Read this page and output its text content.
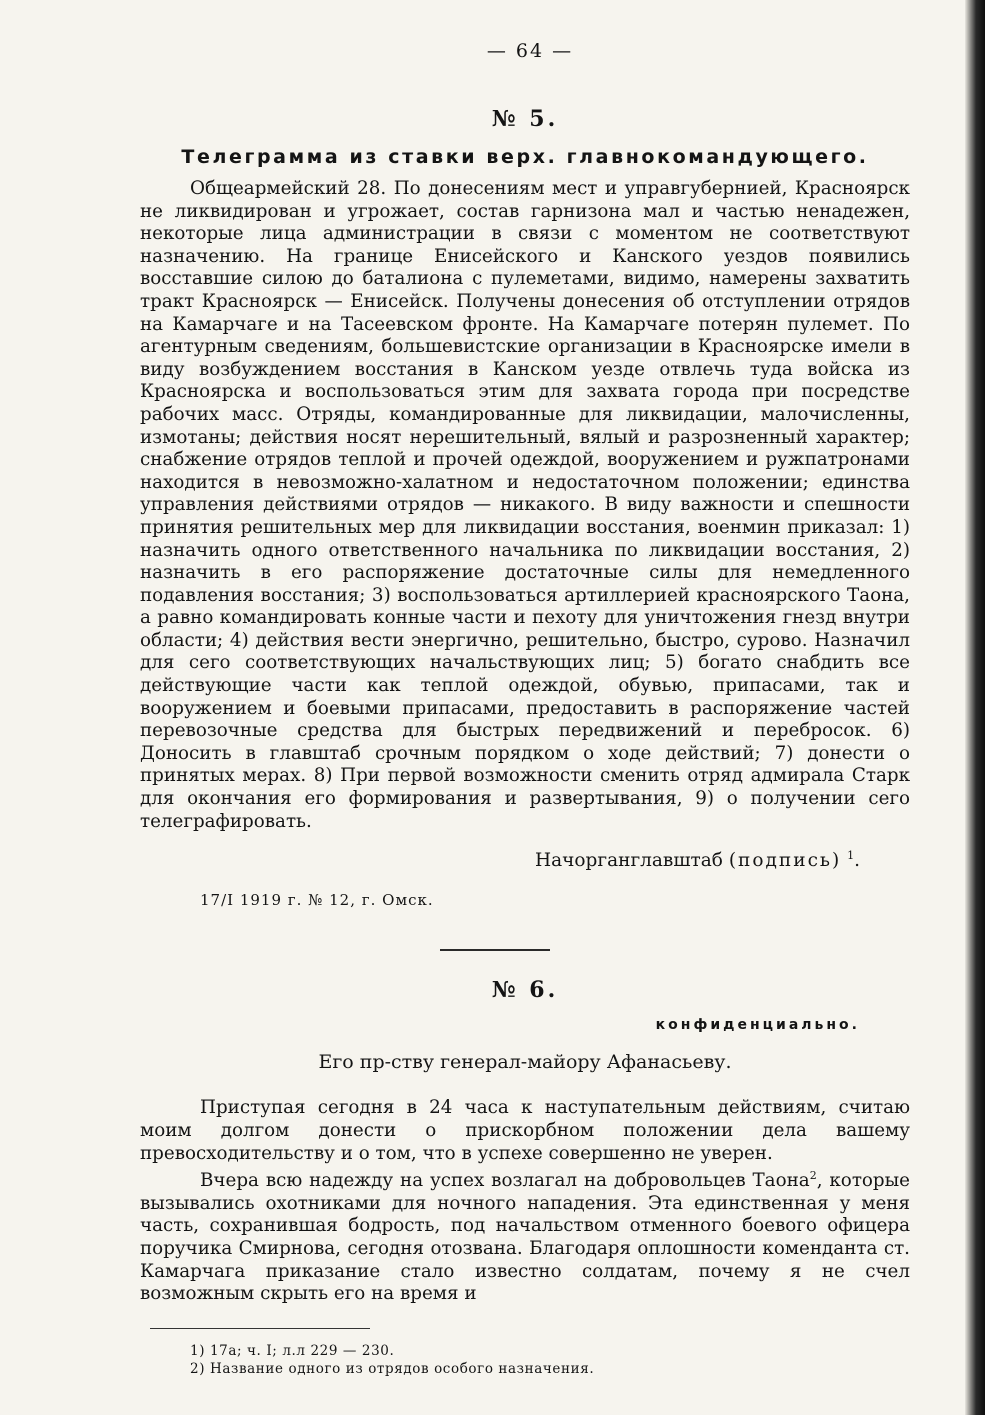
— 64 —
№ 5.
Телеграмма из ставки верх. главнокомандующего.

Общеармейский 28. По донесениям мест и управгубернией, Красноярск не ликвидирован и угрожает, состав гарнизона мал и частью ненадежен, некоторые лица администрации в связи с моментом не соответствуют назначению. На границе Енисейского и Канского уездов появились восставшие силою до баталиона с пулеметами, видимо, намерены захватить тракт Красноярск — Енисейск. Получены донесения об отступлении отрядов на Камарчаге и на Тасеевском фронте. На Камарчаге потерян пулемет. По агентурным сведениям, большевистские организации в Красноярске имели в виду возбуждением восстания в Канском уезде отвлечь туда войска из Красноярска и воспользоваться этим для захвата города при посредстве рабочих масс. Отряды, командированные для ликвидации, малочисленны, измотаны; действия носят нерешительный, вялый и разрозненный характер; снабжение отрядов теплой и прочей одеждой, вооружением и ружпатронами находится в невозможно-халатном и недостаточном положении; единства управления действиями отрядов — никакого. В виду важности и спешности принятия решительных мер для ликвидации восстания, военмин приказал: 1) назначить одного ответственного начальника по ликвидации восстания, 2) назначить в его распоряжение достаточные силы для немедленного подавления восстания; 3) воспользоваться артиллерией красноярского Таона, а равно командировать конные части и пехоту для уничтожения гнезд внутри области; 4) действия вести энергично, решительно, быстро, сурово. Назначил для сего соответствующих начальствующих лиц; 5) богато снабдить все действующие части как теплой одеждой, обувью, припасами, так и вооружением и боевыми припасами, предоставить в распоряжение частей перевозочные средства для быстрых передвижений и перебросок. 6) Доносить в главштаб срочным порядком о ходе действий; 7) донести о принятых мерах. 8) При первой возможности сменить отряд адмирала Старк для окончания его формирования и развертывания, 9) о получении сего телеграфировать.

Начорганглавштаб (подпись) $^1$.
17/I 1919 г. № 12, г. Омск.
№ 6.
конфиденциально.
Его пр-ству генерал-майору Афанасьеву.

Приступая сегодня в 24 часа к наступательным действиям, считаю моим долгом донести о прискорбном положении дела вашему превосходительству и о том, что в успехе совершенно не уверен.

Вчера всю надежду на успех возлагал на добровольцев Таона$^2$, которые вызывались охотниками для ночного нападения. Эта единственная у меня часть, сохранившая бодрость, под начальством отменного боевого офицера поручика Смирнова, сегодня отозвана. Благодаря оплошности коменданта ст. Камарчага приказание стало известно солдатам, почему я не счел возможным скрыть его на время и

1) 17а; ч. I; л.л 229 — 230.
2) Название одного из отрядов особого назначения.
